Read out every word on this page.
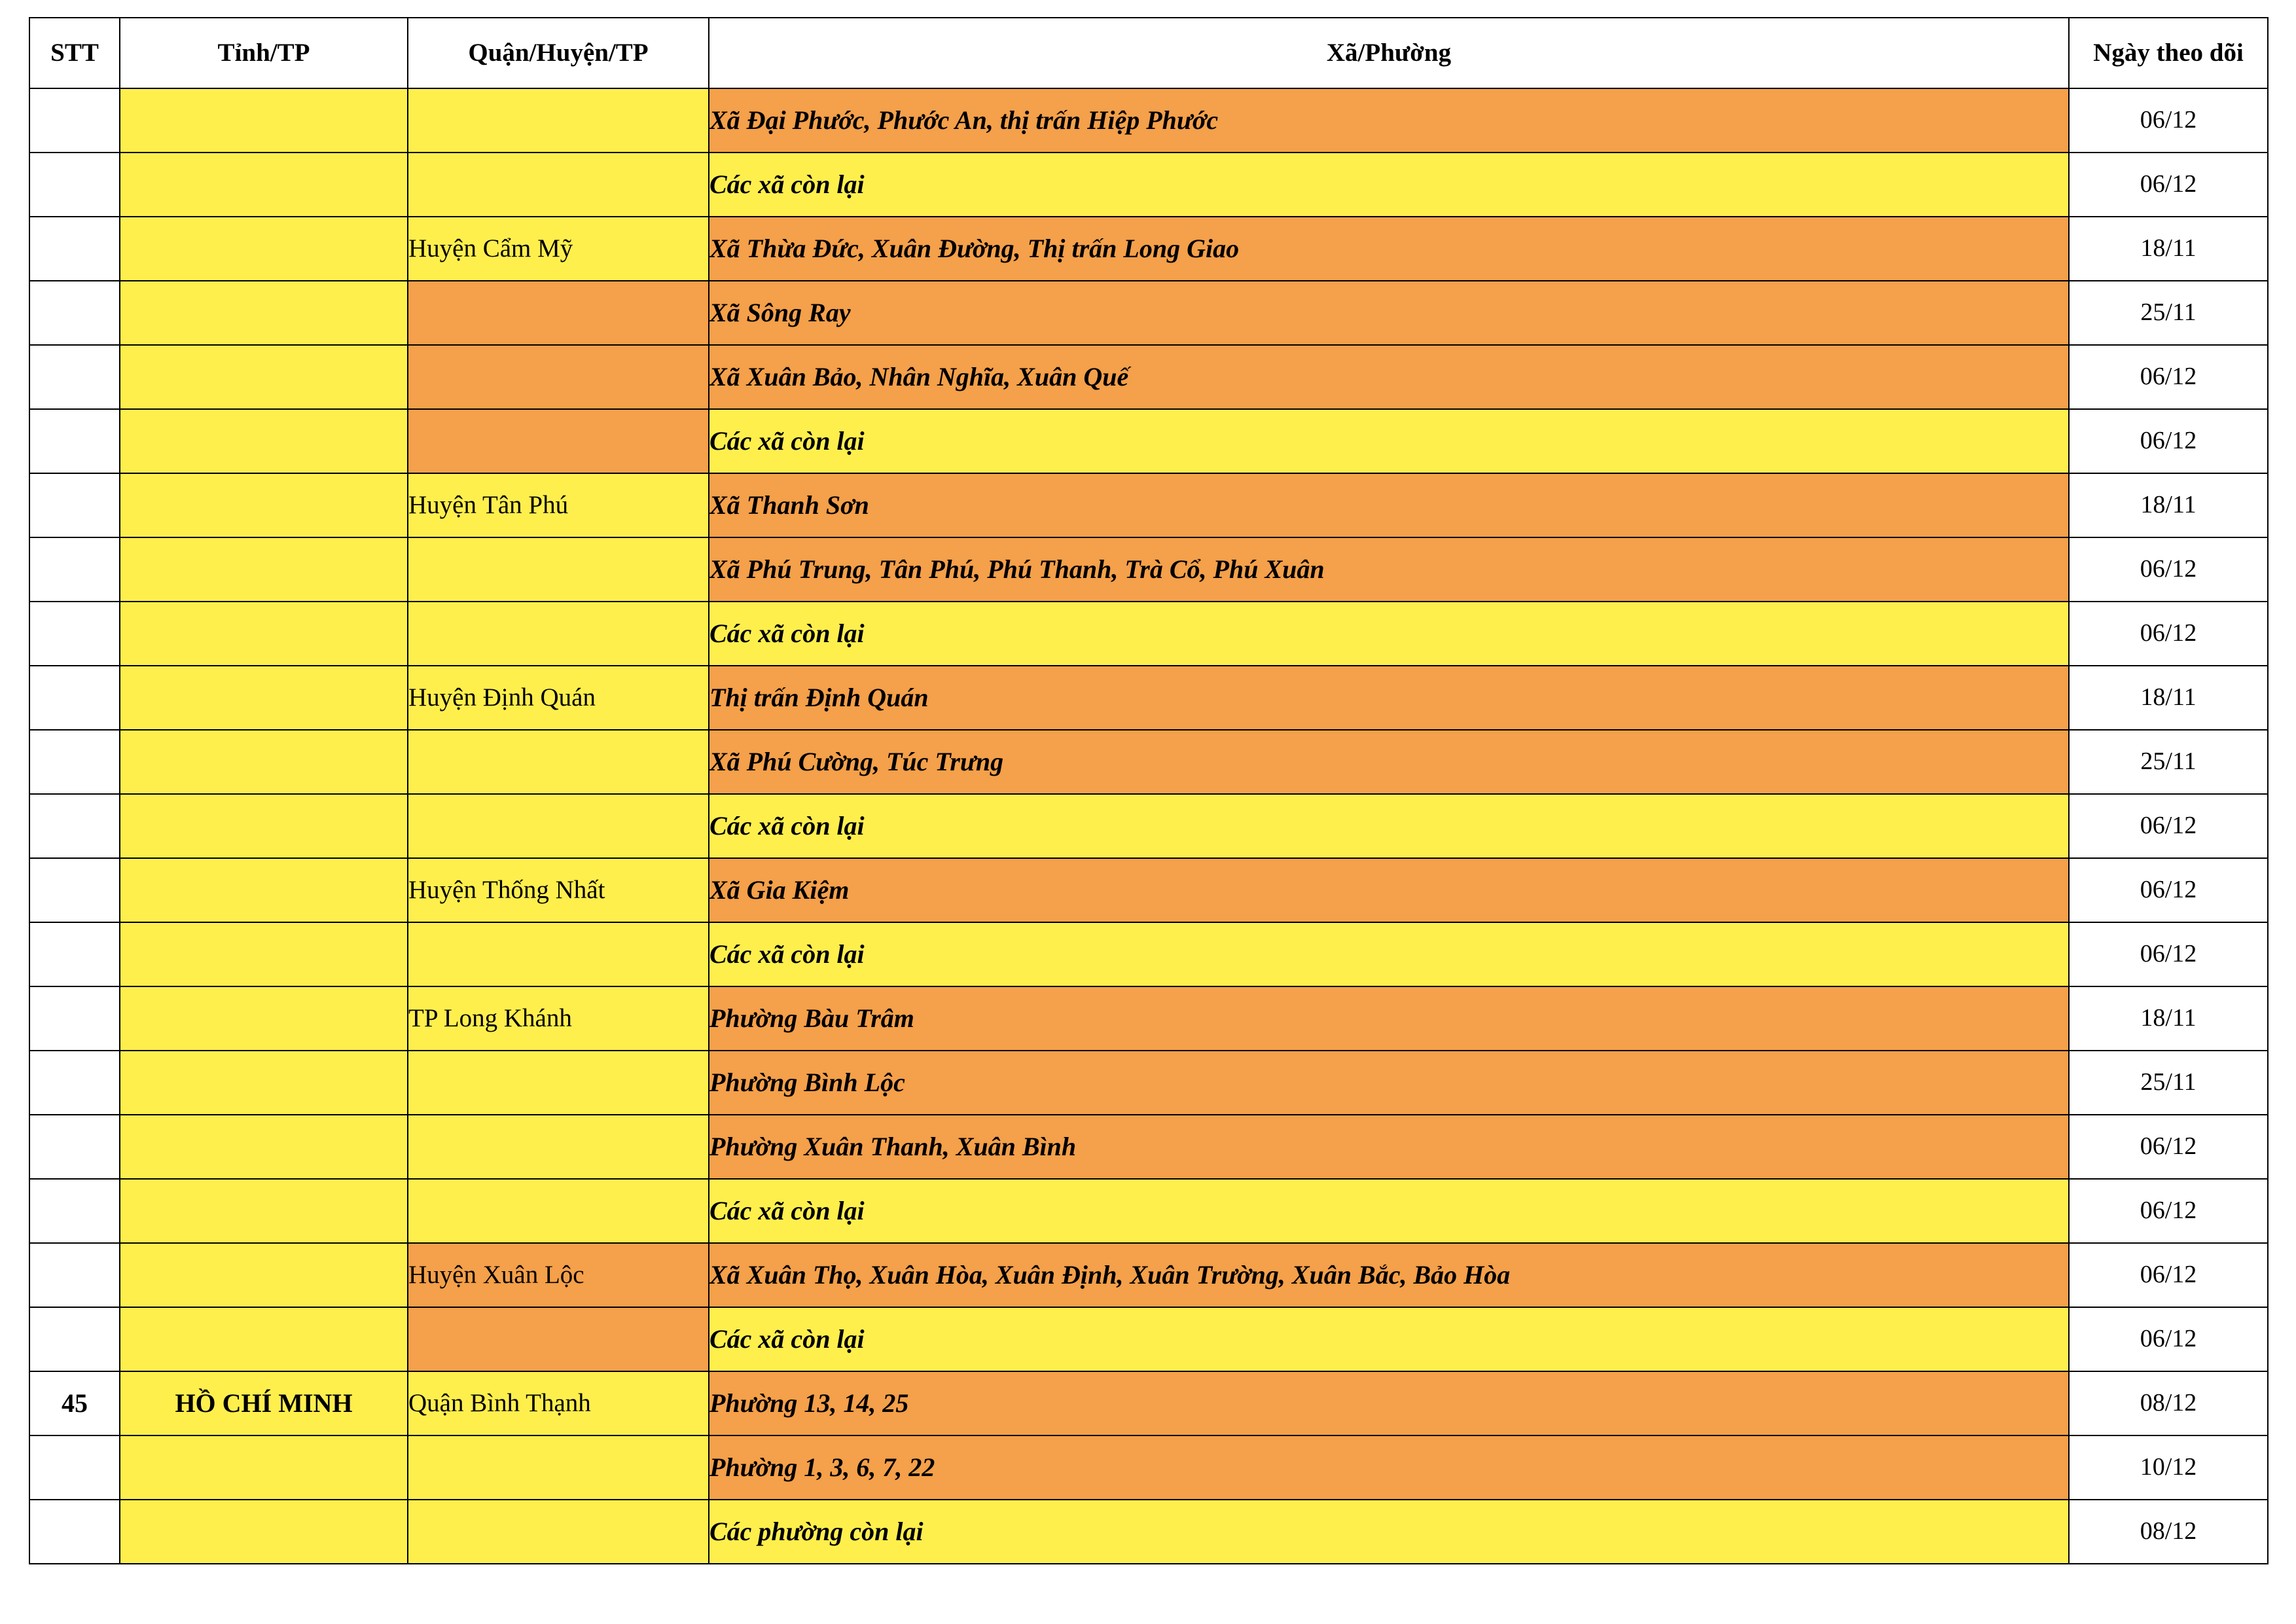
STT	Tỉnh/TP	Quận/Huyện/TP	Xã/Phường	Ngày theo dõi
			Xã Đại Phước, Phước An, thị trấn Hiệp Phước	06/12
			Các xã còn lại	06/12
		Huyện Cẩm Mỹ	Xã Thừa Đức, Xuân Đường, Thị trấn Long Giao	18/11
			Xã Sông Ray	25/11
			Xã Xuân Bảo, Nhân Nghĩa, Xuân Quế	06/12
			Các xã còn lại	06/12
		Huyện Tân Phú	Xã Thanh Sơn	18/11
			Xã Phú Trung, Tân Phú, Phú Thanh, Trà Cổ, Phú Xuân	06/12
			Các xã còn lại	06/12
		Huyện Định Quán	Thị trấn Định Quán	18/11
			Xã Phú Cường, Túc Trưng	25/11
			Các xã còn lại	06/12
		Huyện Thống Nhất	Xã Gia Kiệm	06/12
			Các xã còn lại	06/12
		TP Long Khánh	Phường Bàu Trâm	18/11
			Phường Bình Lộc	25/11
			Phường Xuân Thanh, Xuân Bình	06/12
			Các xã còn lại	06/12
		Huyện Xuân Lộc	Xã Xuân Thọ, Xuân Hòa, Xuân Định, Xuân Trường, Xuân Bắc, Bảo Hòa	06/12
			Các xã còn lại	06/12
45	HỒ CHÍ MINH	Quận Bình Thạnh	Phường 13, 14, 25	08/12
			Phường 1, 3, 6, 7, 22	10/12
			Các phường còn lại	08/12
